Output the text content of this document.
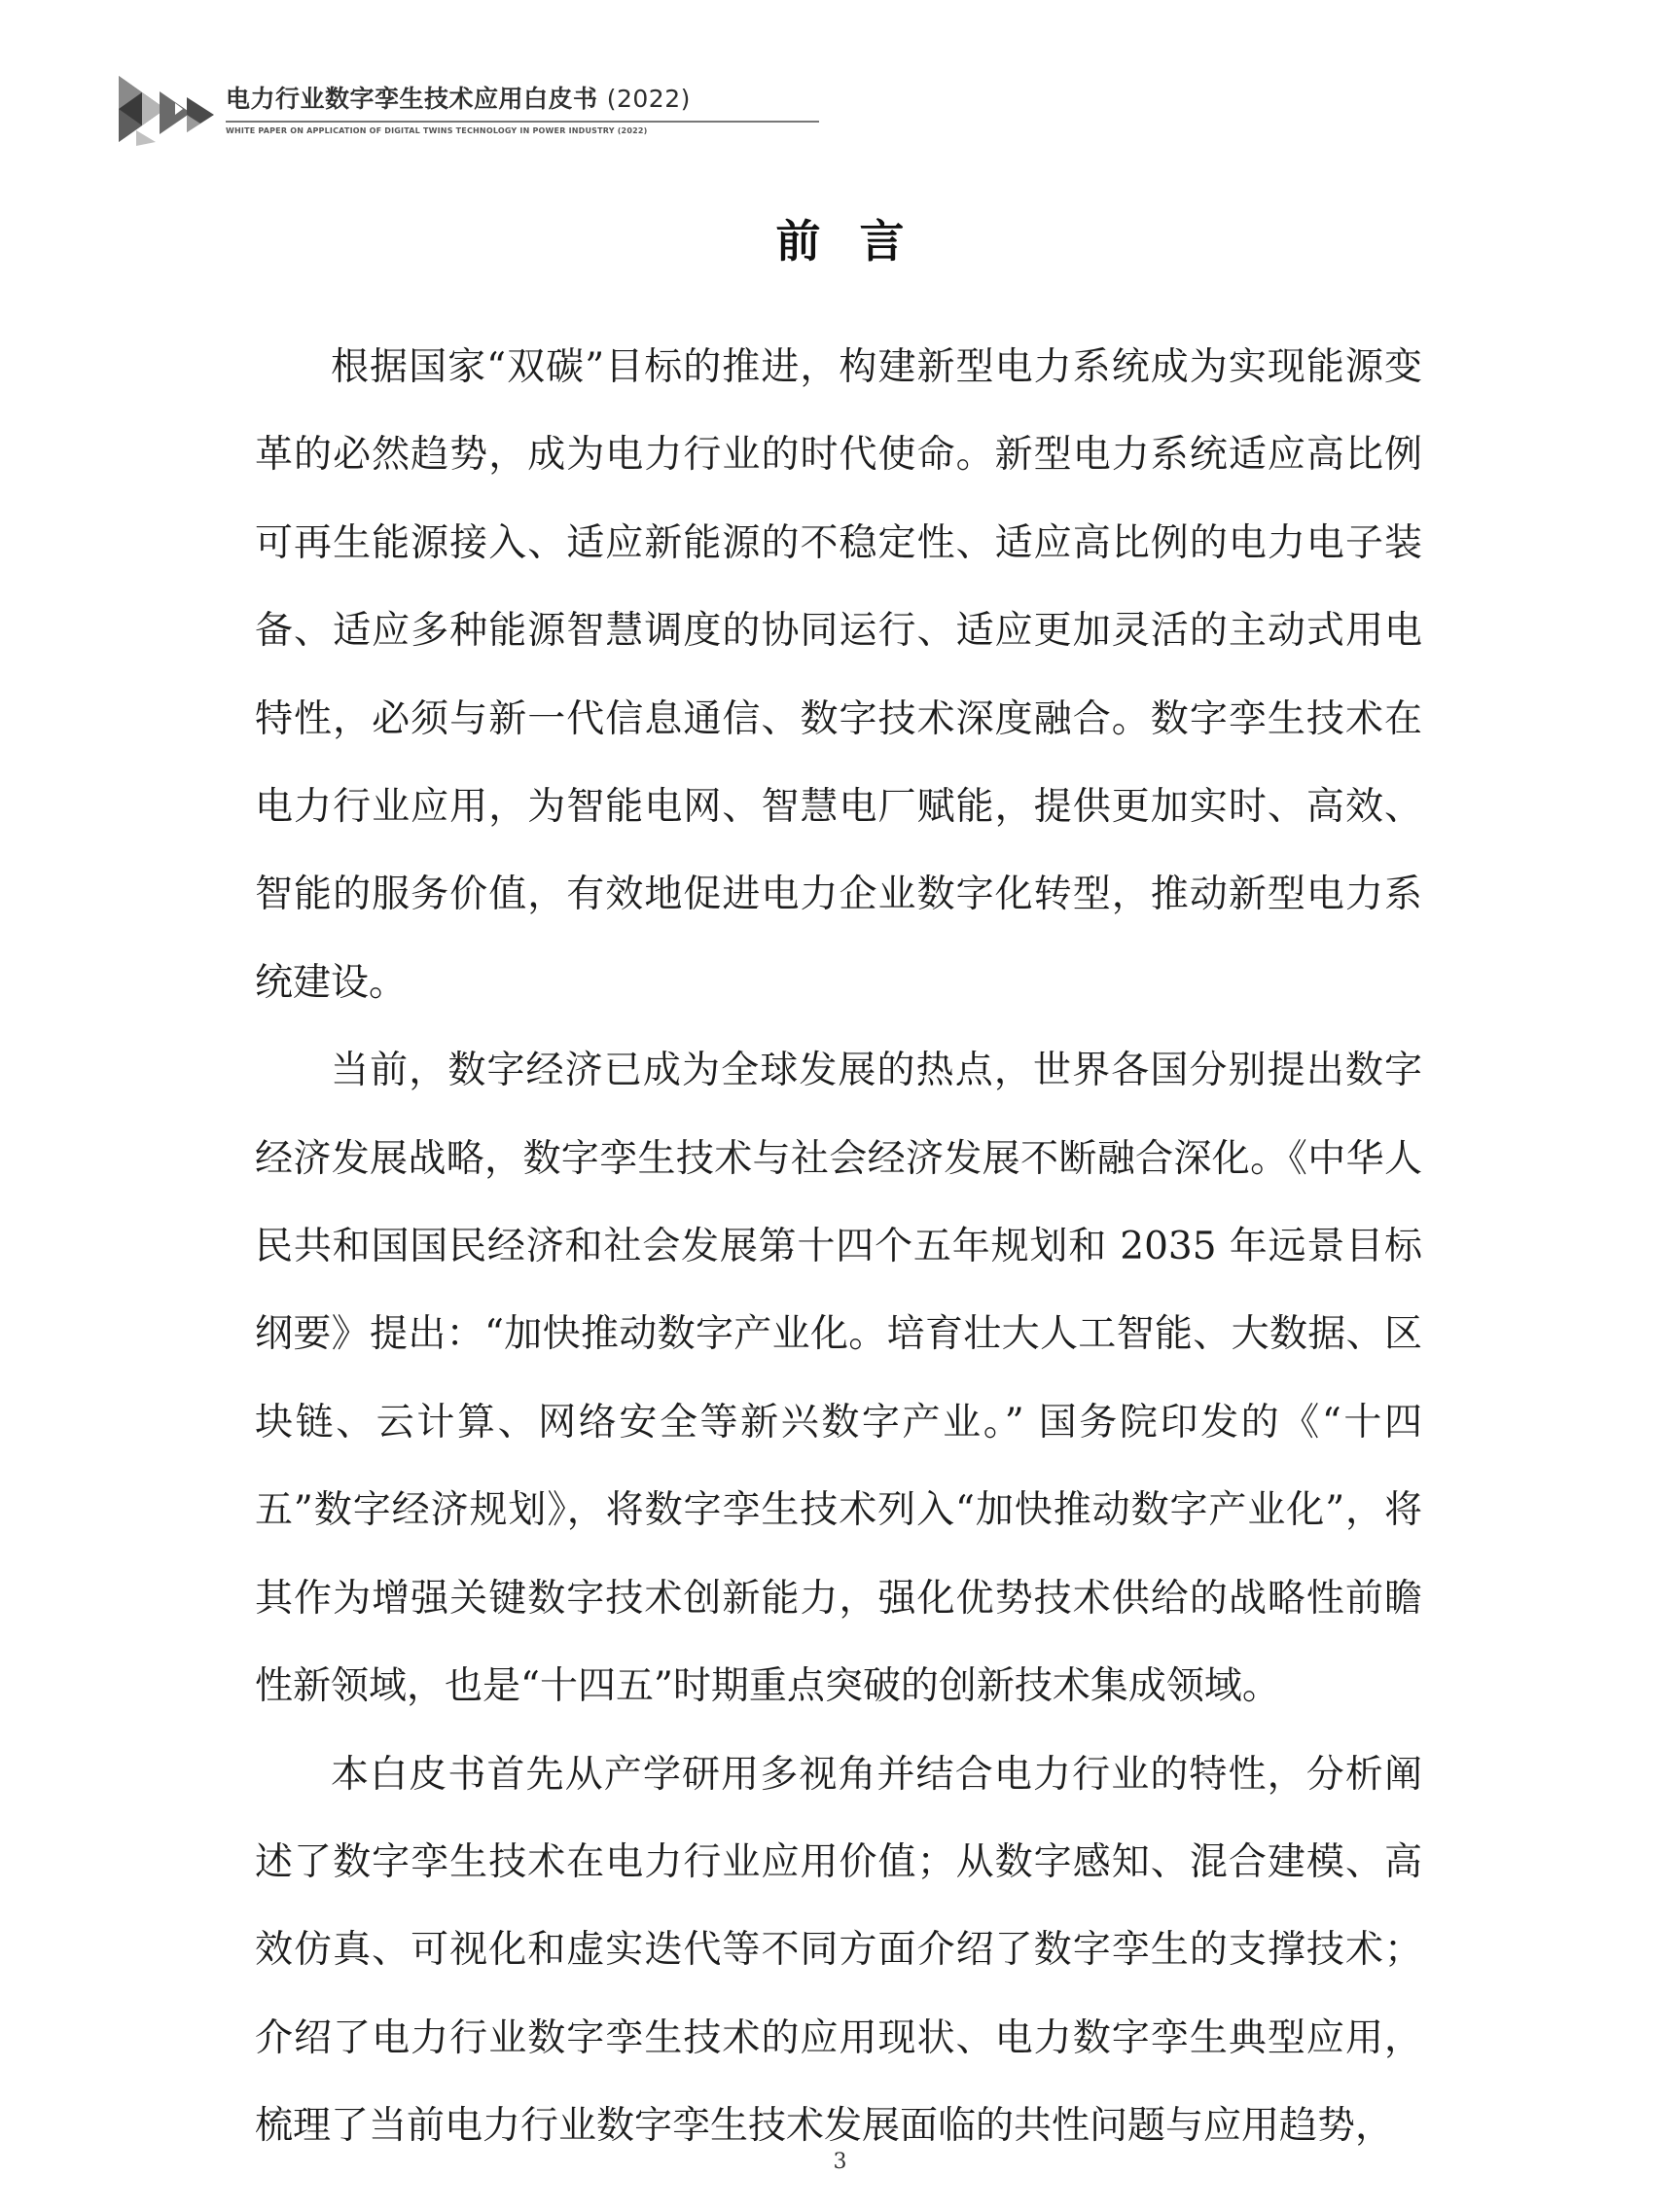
电力行业数字孪生技术应用白皮书 (2022)
WHITE PAPER ON APPLICATION OF DIGITAL TWINS TECHNOLOGY IN POWER INDUSTRY (2022)
前言

根据国家“双碳”目标的推进，构建新型电力系统成为实现能源变革的必然趋势，成为电力行业的时代使命。新型电力系统适应高比例可再生能源接入、适应新能源的不稳定性、适应高比例的电力电子装备、适应多种能源智慧调度的协同运行、适应更加灵活的主动式用电特性，必须与新一代信息通信、数字技术深度融合。数字孪生技术在电力行业应用，为智能电网、智慧电厂赋能，提供更加实时、高效、智能的服务价值，有效地促进电力企业数字化转型，推动新型电力系统建设。

当前，数字经济已成为全球发展的热点，世界各国分别提出数字经济发展战略，数字孪生技术与社会经济发展不断融合深化。《中华人民共和国国民经济和社会发展第十四个五年规划和 2035 年远景目标纲要》提出：“加快推动数字产业化。培育壮大人工智能、大数据、区块链、云计算、网络安全等新兴数字产业。” 国务院印发的《“十四五”数字经济规划》，将数字孪生技术列入“加快推动数字产业化”，将其作为增强关键数字技术创新能力，强化优势技术供给的战略性前瞻性新领域，也是“十四五”时期重点突破的创新技术集成领域。

本白皮书首先从产学研用多视角并结合电力行业的特性，分析阐述了数字孪生技术在电力行业应用价值；从数字感知、混合建模、高效仿真、可视化和虚实迭代等不同方面介绍了数字孪生的支撑技术；介绍了电力行业数字孪生技术的应用现状、电力数字孪生典型应用，梳理了当前电力行业数字孪生技术发展面临的共性问题与应用趋势，

3
